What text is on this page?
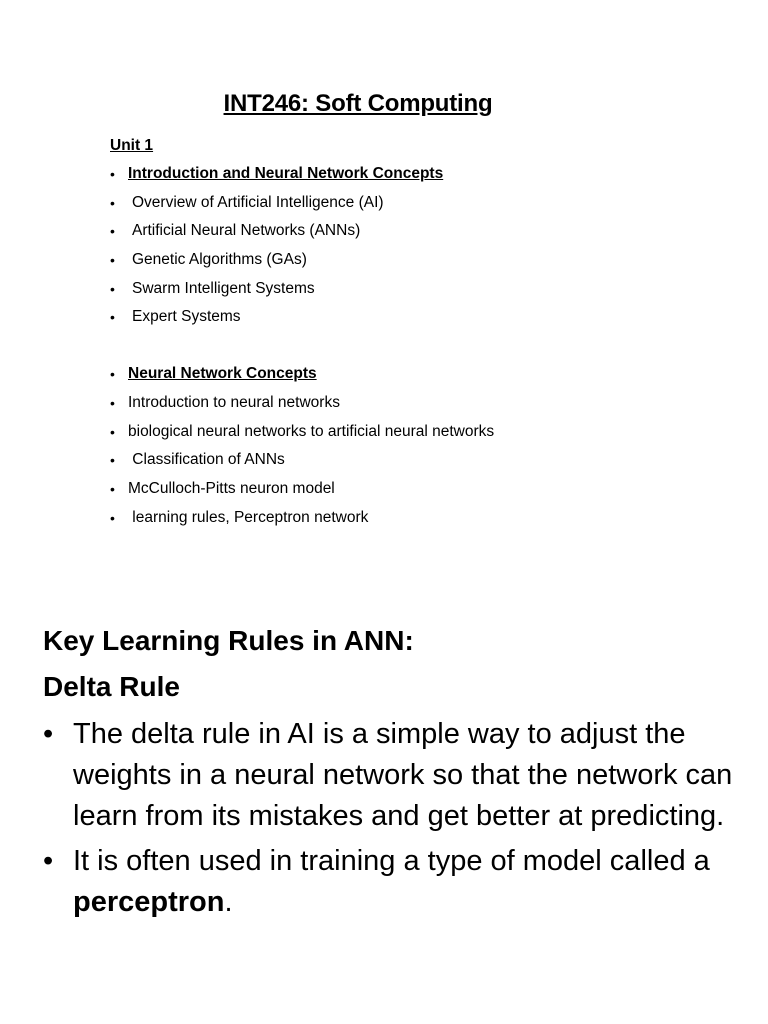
INT246: Soft Computing
Unit 1
• Introduction and Neural Network Concepts
• Overview of Artificial Intelligence (AI)
• Artificial Neural Networks (ANNs)
• Genetic Algorithms (GAs)
• Swarm Intelligent Systems
• Expert Systems
• Neural Network Concepts
• Introduction to neural networks
• biological neural networks to artificial neural networks
• Classification of ANNs
• McCulloch-Pitts neuron model
• learning rules, Perceptron network
Key Learning Rules in ANN:
Delta Rule
• The delta rule in AI is a simple way to adjust the weights in a neural network so that the network can learn from its mistakes and get better at predicting.
• It is often used in training a type of model called a perceptron.
